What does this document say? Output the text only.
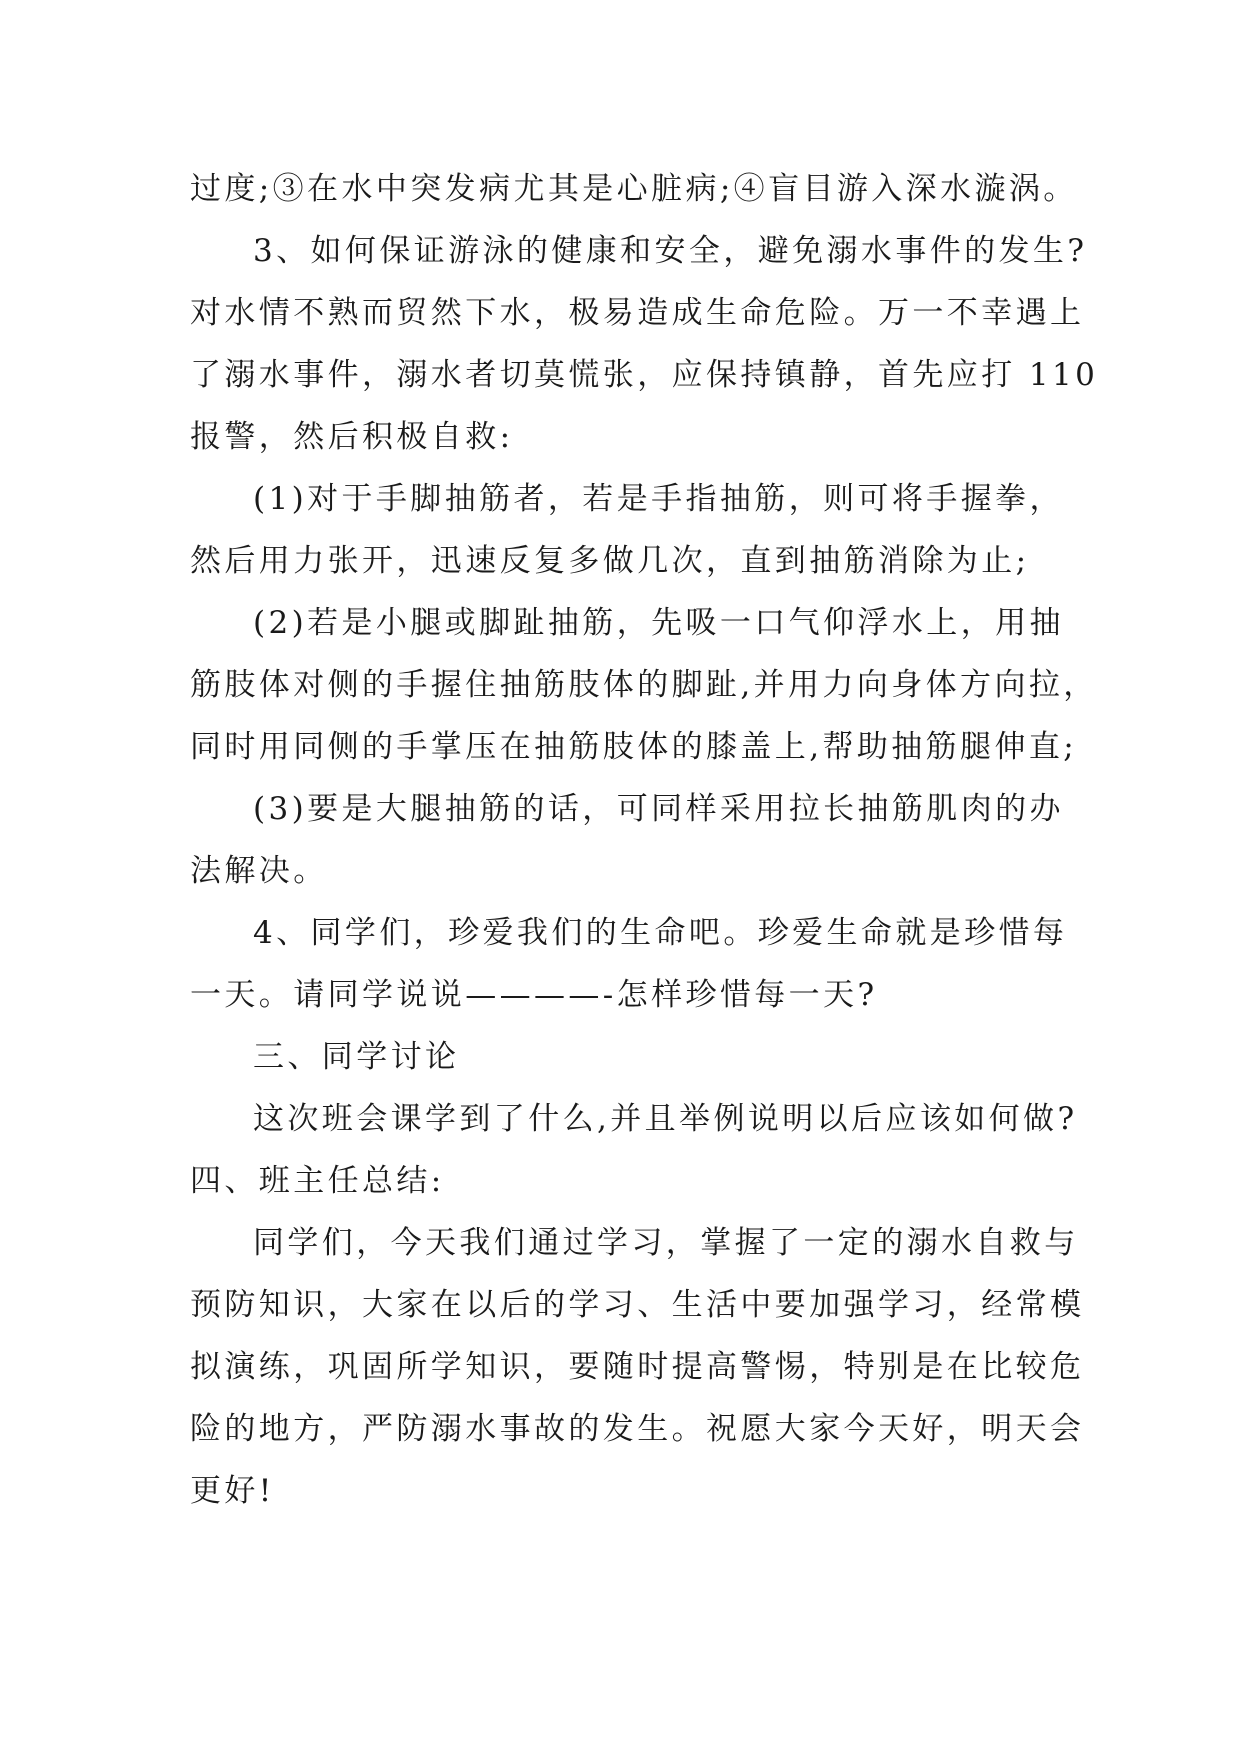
过度;③在水中突发病尤其是心脏病;④盲目游入深水漩涡。
3、如何保证游泳的健康和安全，避免溺水事件的发生?
对水情不熟而贸然下水，极易造成生命危险。万一不幸遇上
了溺水事件，溺水者切莫慌张，应保持镇静，首先应打 110
报警，然后积极自救:
(1)对于手脚抽筋者，若是手指抽筋，则可将手握拳，
然后用力张开，迅速反复多做几次，直到抽筋消除为止;
(2)若是小腿或脚趾抽筋，先吸一口气仰浮水上，用抽
筋肢体对侧的手握住抽筋肢体的脚趾,并用力向身体方向拉，
同时用同侧的手掌压在抽筋肢体的膝盖上,帮助抽筋腿伸直;
(3)要是大腿抽筋的话，可同样采用拉长抽筋肌肉的办
法解决。
4、同学们，珍爱我们的生命吧。珍爱生命就是珍惜每
一天。请同学说说————-怎样珍惜每一天?
三、同学讨论
这次班会课学到了什么,并且举例说明以后应该如何做?
四、班主任总结:
同学们，今天我们通过学习，掌握了一定的溺水自救与
预防知识，大家在以后的学习、生活中要加强学习，经常模
拟演练，巩固所学知识，要随时提高警惕，特别是在比较危
险的地方，严防溺水事故的发生。祝愿大家今天好，明天会
更好!
